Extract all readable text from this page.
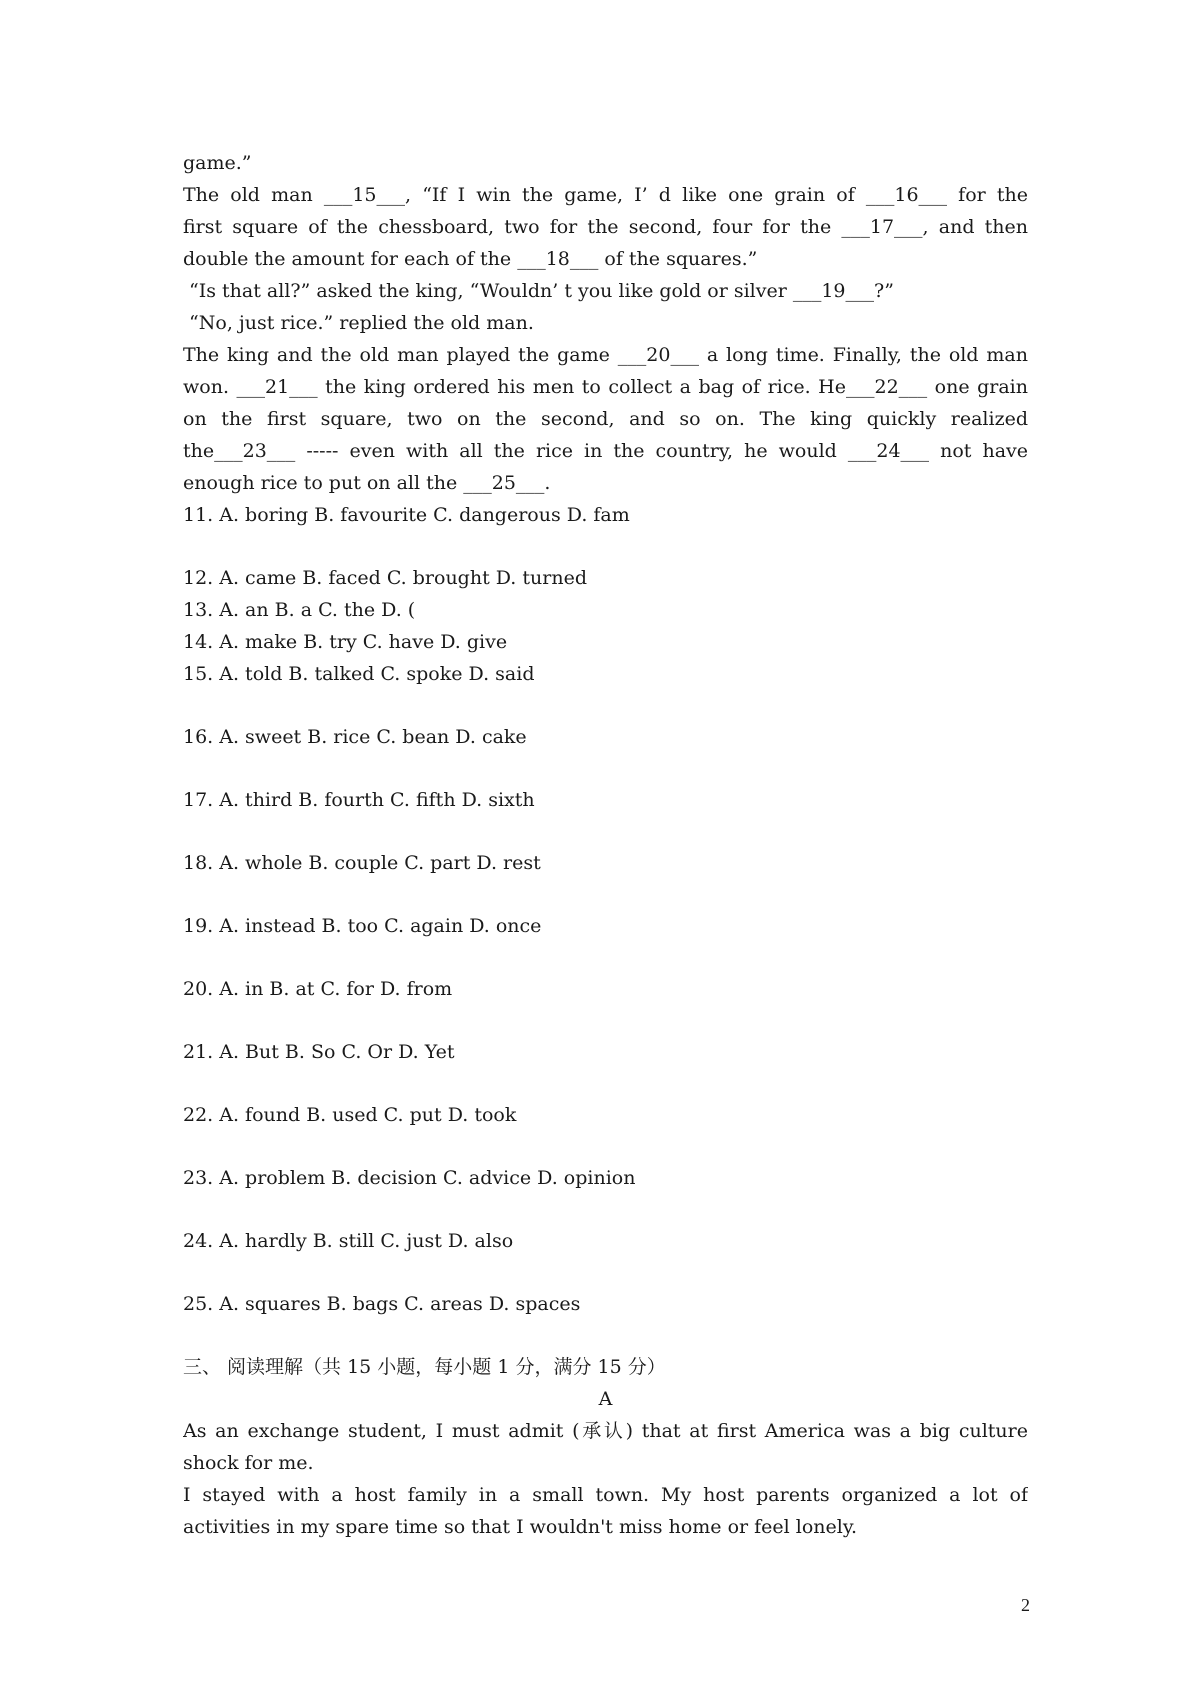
game.”
The old man ___15___, “If I win the game, I’ d like one grain of ___16___ for the
first square of the chessboard, two for the second, four for the ___17___, and then
double the amount for each of the ___18___ of the squares.”
“Is that all?” asked the king, “Wouldn’ t you like gold or silver ___19___?”
“No, just rice.” replied the old man.
The king and the old man played the game ___20___ a long time. Finally, the old man
won. ___21___ the king ordered his men to collect a bag of rice. He___22___ one grain
on the first square, two on the second, and so on. The king quickly realized
the___23___ ----- even with all the rice in the country, he would ___24___ not have
enough rice to put on all the ___25___.
11. A. boring B. favourite C. dangerous D. fam
12. A. came B. faced C. brought D. turned
13. A. an B. a C. the D. (
14. A. make B. try C. have D. give
15. A. told B. talked C. spoke D. said
16. A. sweet B. rice C. bean D. cake
17. A. third B. fourth C. fifth D. sixth
18. A. whole B. couple C. part D. rest
19. A. instead B. too C. again D. once
20. A. in B. at C. for D. from
21. A. But B. So C. Or D. Yet
22. A. found B. used C. put D. took
23. A. problem B. decision C. advice D. opinion
24. A. hardly B. still C. just D. also
25. A. squares B. bags C. areas D. spaces
三、 阅读理解（共 15 小题，每小题 1 分，满分 15 分）
A
As an exchange student, I must admit (承认) that at first America was a big culture
shock for me.
I stayed with a host family in a small town. My host parents organized a lot of
activities in my spare time so that I wouldn't miss home or feel lonely.
2
